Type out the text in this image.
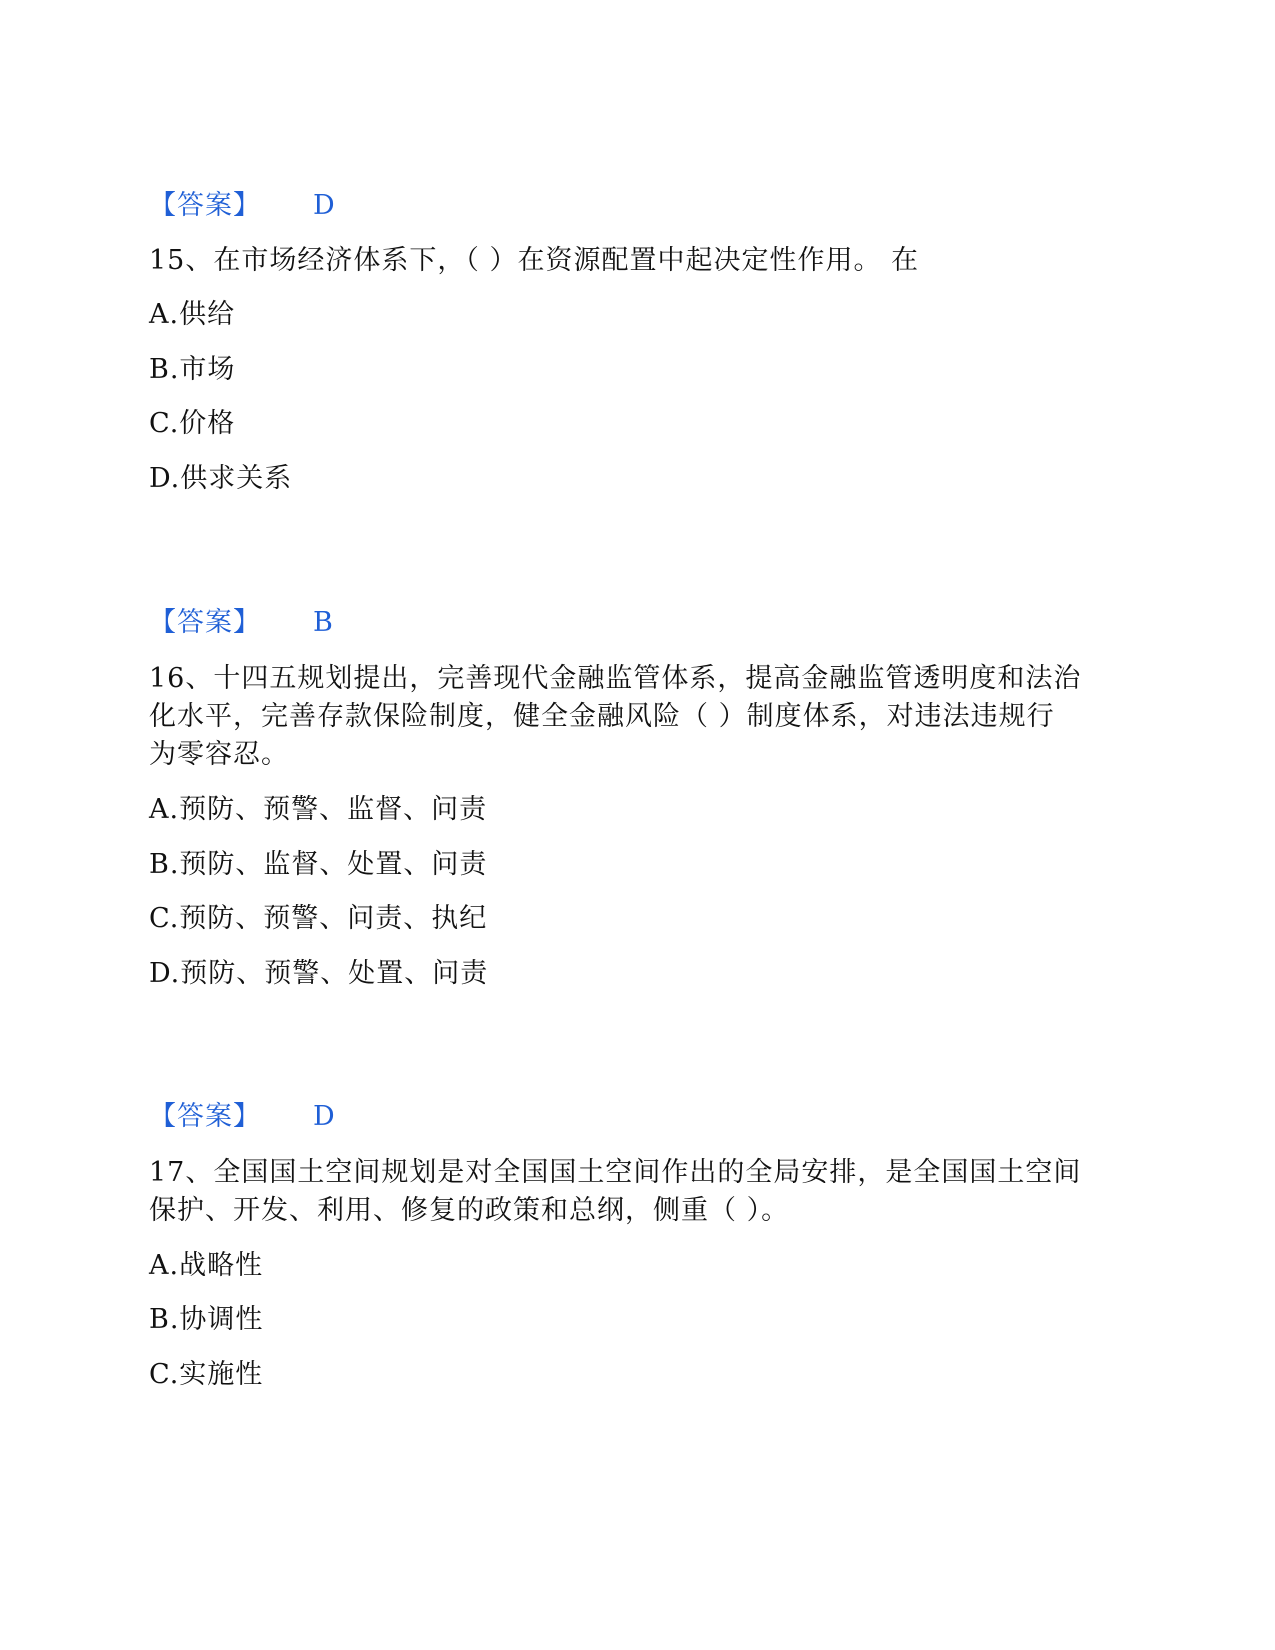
【答案】 D
15、在市场经济体系下，（ ）在资源配置中起决定性作用。 在
A.供给
B.市场
C.价格
D.供求关系
【答案】 B
16、十四五规划提出，完善现代金融监管体系，提高金融监管透明度和法治
化水平，完善存款保险制度，健全金融风险（ ）制度体系，对违法违规行
为零容忍。
A.预防、预警、监督、问责
B.预防、监督、处置、问责
C.预防、预警、问责、执纪
D.预防、预警、处置、问责
【答案】 D
17、全国国土空间规划是对全国国土空间作出的全局安排，是全国国土空间
保护、开发、利用、修复的政策和总纲，侧重（ ）。
A.战略性
B.协调性
C.实施性
